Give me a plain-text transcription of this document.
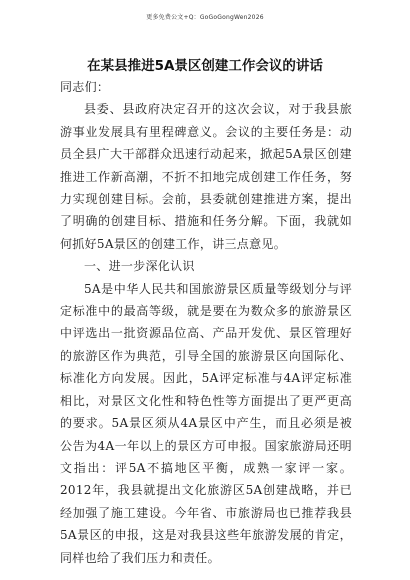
更多免费公文+Q：GoGoGongWen2026
在某县推进5A景区创建工作会议的讲话

同志们：

县委、县政府决定召开的这次会议，对于我县旅游事业发展具有里程碑意义。会议的主要任务是：动员全县广大干部群众迅速行动起来，掀起5A景区创建推进工作新高潮，不折不扣地完成创建工作任务，努力实现创建目标。会前，县委就创建推进方案，提出了明确的创建目标、措施和任务分解。下面，我就如何抓好5A景区的创建工作，讲三点意见。

一、进一步深化认识

5A是中华人民共和国旅游景区质量等级划分与评定标准中的最高等级，就是要在为数众多的旅游景区中评选出一批资源品位高、产品开发优、景区管理好的旅游区作为典范，引导全国的旅游景区向国际化、标准化方向发展。因此，5A评定标准与4A评定标准相比，对景区文化性和特色性等方面提出了更严更高的要求。5A景区须从4A景区中产生，而且必须是被公告为4A一年以上的景区方可申报。国家旅游局还明文指出：评5A不搞地区平衡，成熟一家评一家。2012年，我县就提出文化旅游区5A创建战略，并已经加强了施工建设。今年省、市旅游局也已推荐我县5A景区的申报，这是对我县这些年旅游发展的肯定，同样也给了我们压力和责任。
